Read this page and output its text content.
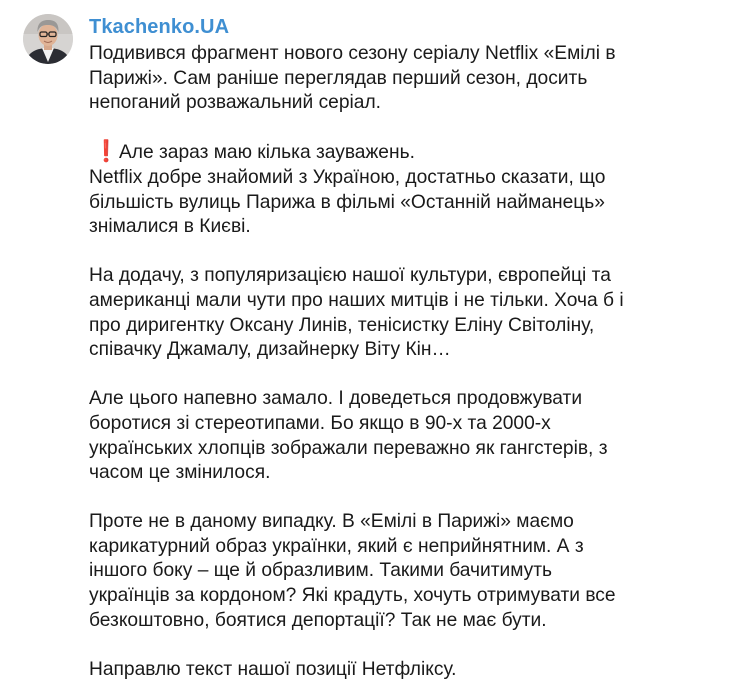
Tkachenko.UA
Подивився фрагмент нового сезону серіалу Netflix «Емілі в
Парижі». Сам раніше переглядав перший сезон, досить
непоганий розважальний серіал.
❗Але зараз маю кілька зауважень.
Netflix добре знайомий з Україною, достатньо сказати, що
більшість вулиць Парижа в фільмі «Останній найманець»
знімалися в Києві.
На додачу, з популяризацією нашої культури, європейці та
американці мали чути про наших митців і не тільки. Хоча б і
про диригентку Оксану Линів, тенісистку Еліну Світоліну,
співачку Джамалу, дизайнерку Віту Кін…
Але цього напевно замало. І доведеться продовжувати
боротися зі стереотипами. Бо якщо в 90-х та 2000-х
українських хлопців зображали переважно як гангстерів, з
часом це змінилося.
Проте не в даному випадку. В «Емілі в Парижі» маємо
карикатурний образ українки, який є неприйнятним. А з
іншого боку – ще й образливим. Такими бачитимуть
українців за кордоном? Які крадуть, хочуть отримувати все
безкоштовно, боятися депортації? Так не має бути.
Направлю текст нашої позиції Нетфліксу.
